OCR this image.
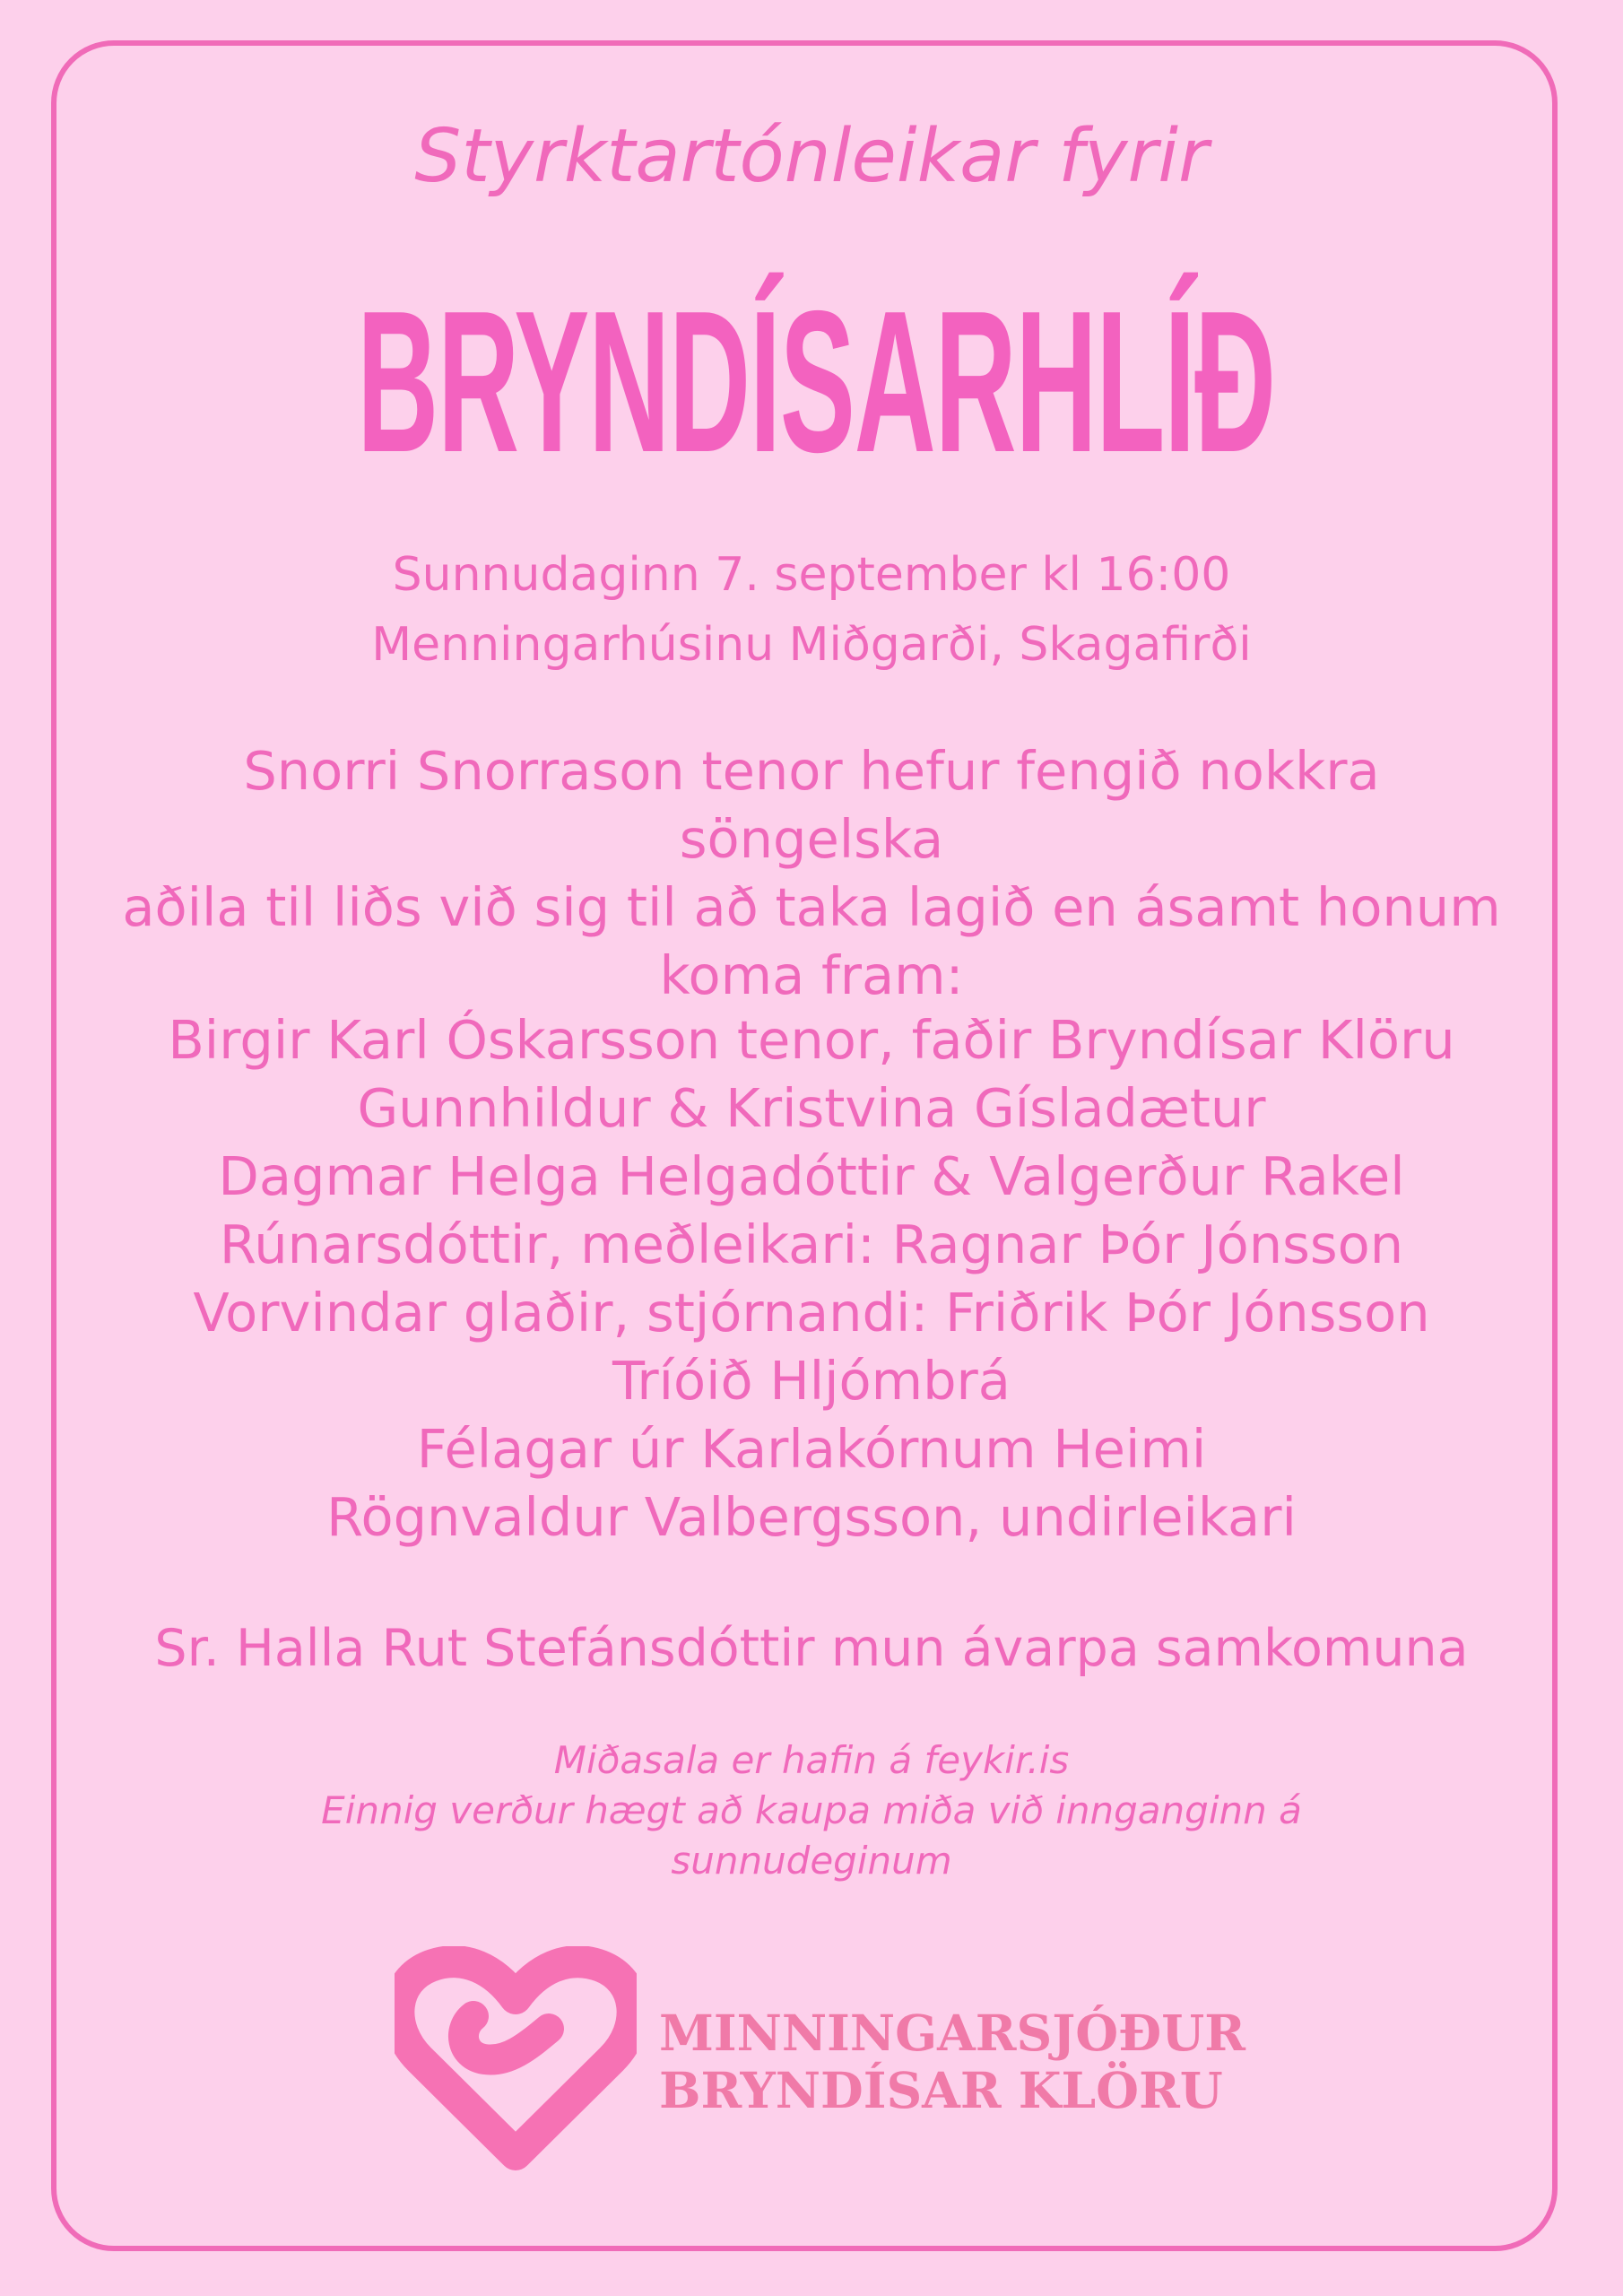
Styrktartónleikar fyrir
BRYNDÍSARHLÍÐ
Sunnudaginn 7. september kl 16:00
Menningarhúsinu Miðgarði, Skagafirði
Snorri Snorrason tenor hefur fengið nokkra söngelska
aðila til liðs við sig til að taka lagið en ásamt honum
koma fram:
Birgir Karl Óskarsson tenor, faðir Bryndísar Klöru
Gunnhildur & Kristvina Gísladætur
Dagmar Helga Helgadóttir & Valgerður Rakel
Rúnarsdóttir, meðleikari: Ragnar Þór Jónsson
Vorvindar glaðir, stjórnandi: Friðrik Þór Jónsson
Tríóið Hljómbrá
Félagar úr Karlakórnum Heimi
Rögnvaldur Valbergsson, undirleikari
Sr. Halla Rut Stefánsdóttir mun ávarpa samkomuna
Miðasala er hafin á feykir.is
Einnig verður hægt að kaupa miða við innganginn á
sunnudeginum
MINNINGARSJÓÐUR
BRYNDÍSAR KLÖRU
